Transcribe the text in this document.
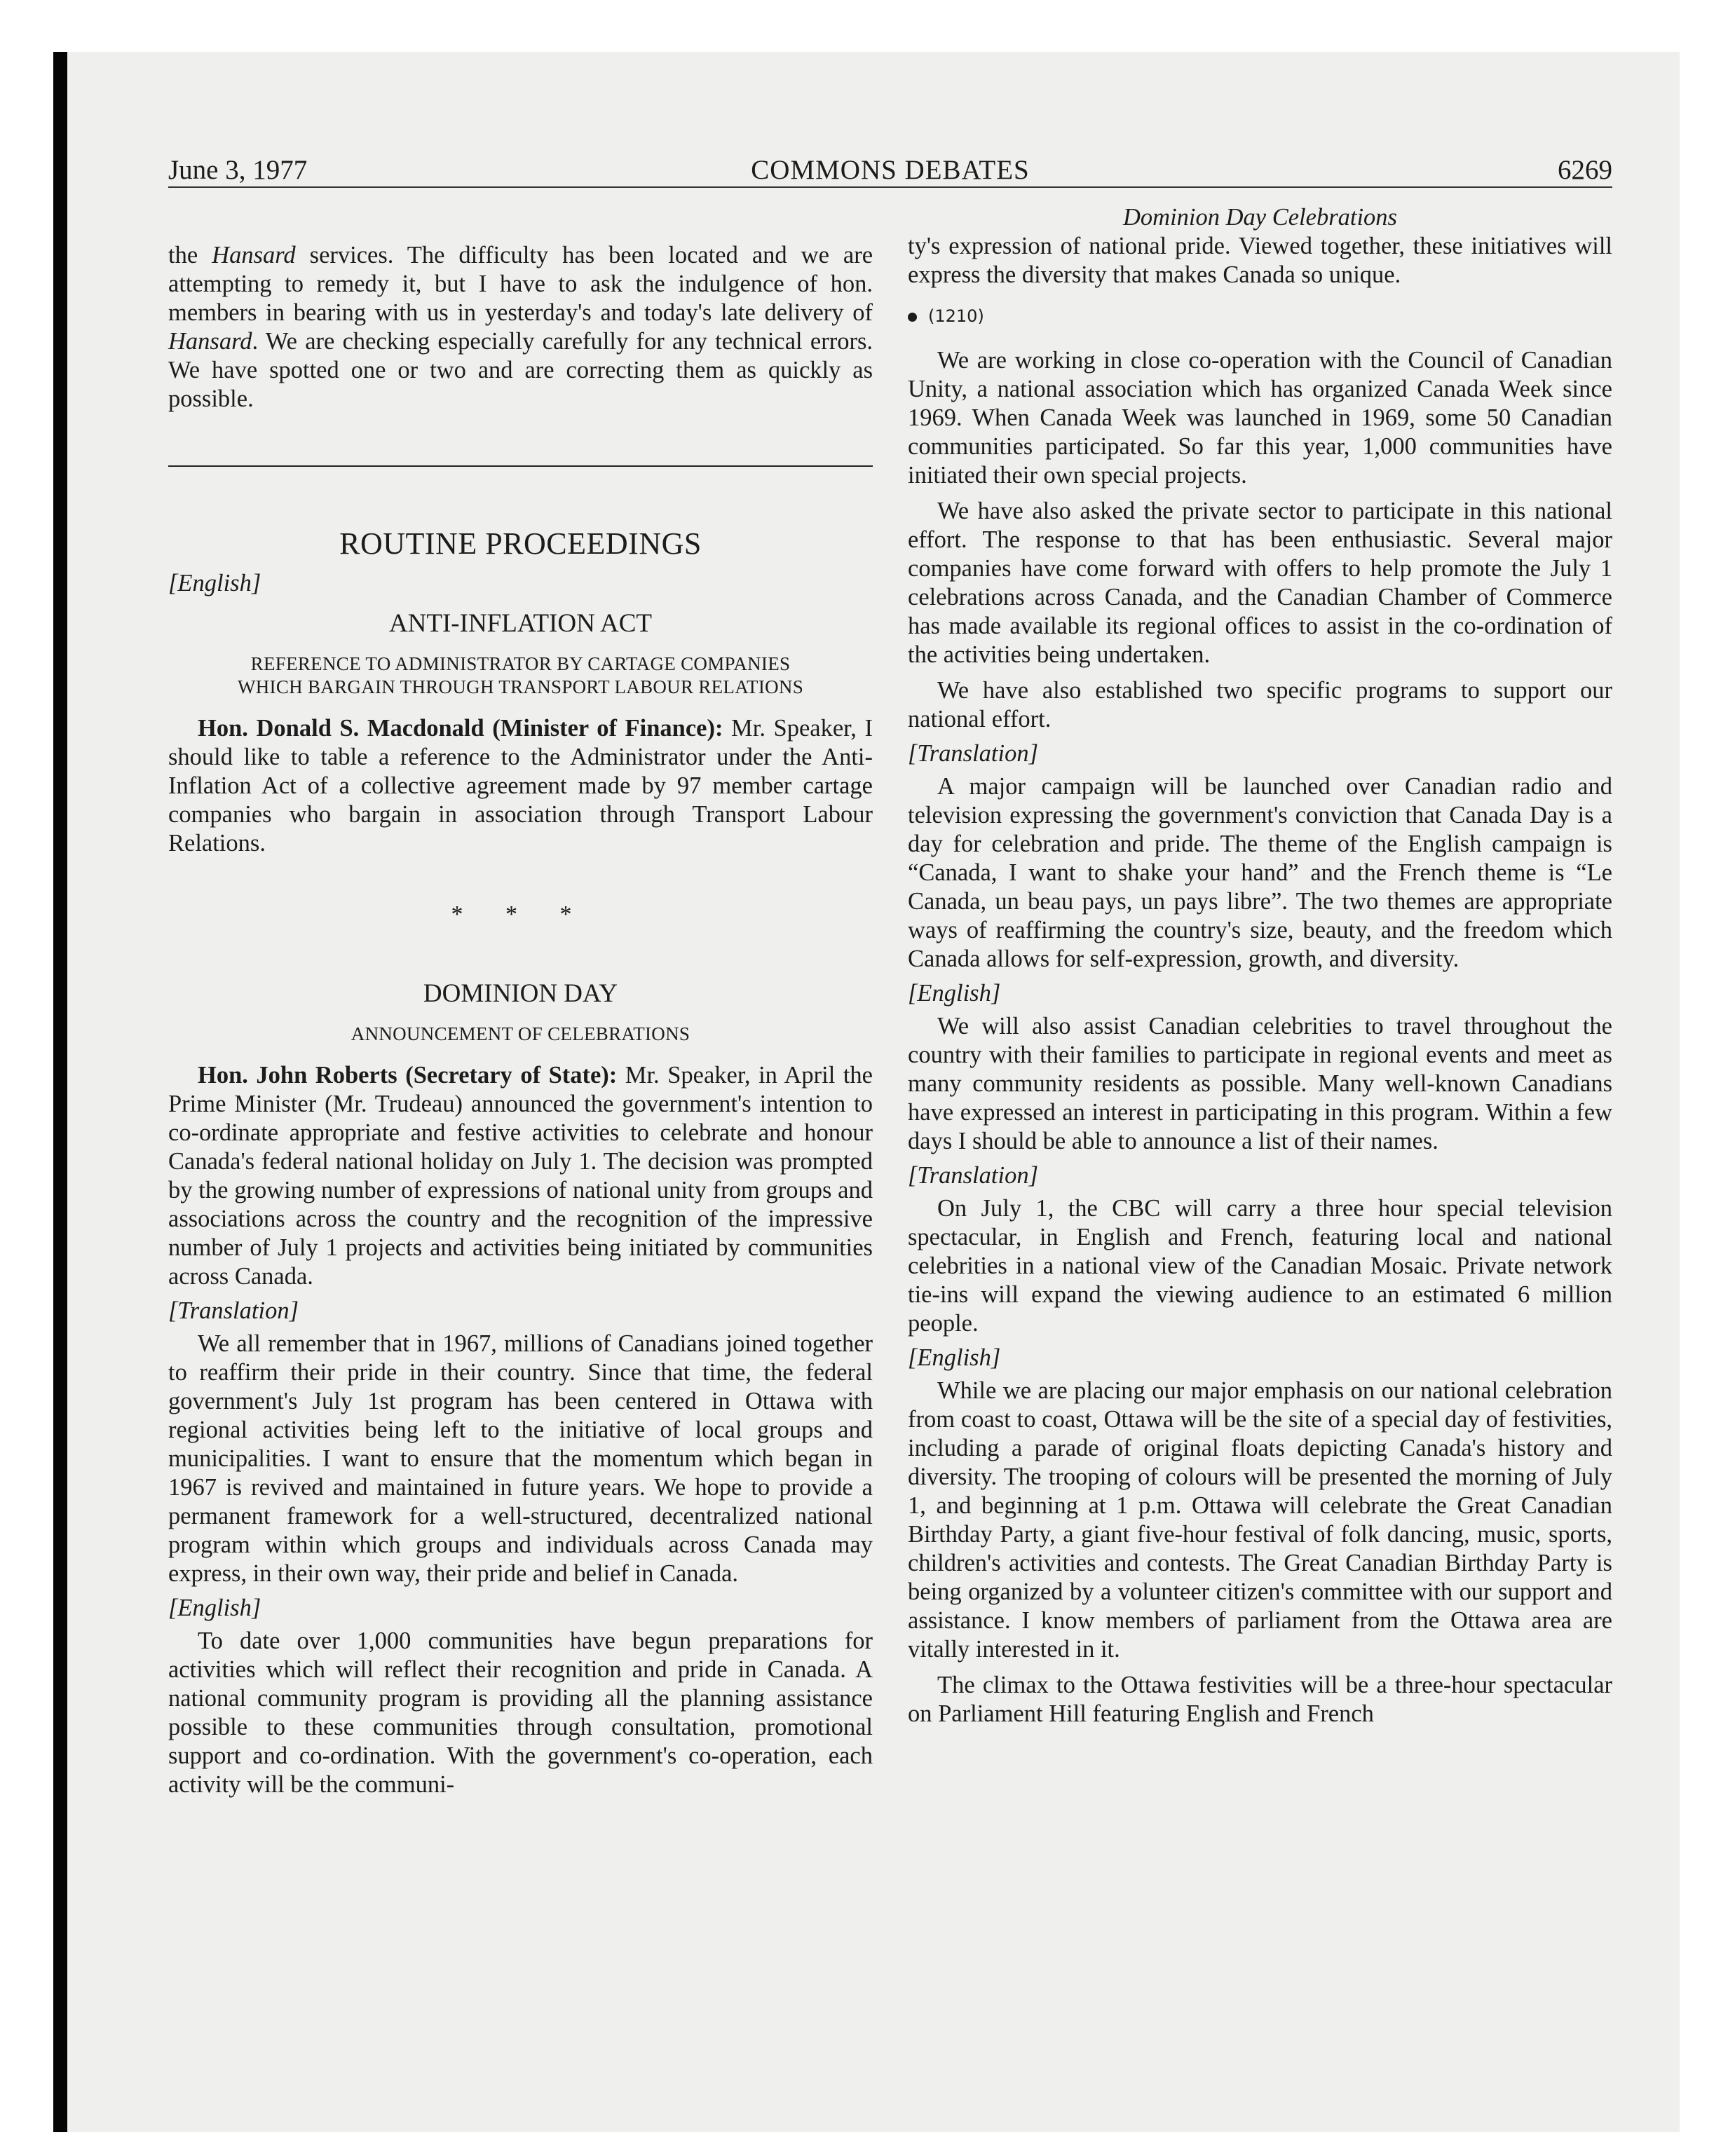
June 3, 1977	COMMONS DEBATES	6269

the Hansard services. The difficulty has been located and we are attempting to remedy it, but I have to ask the indulgence of hon. members in bearing with us in yesterday's and today's late delivery of Hansard. We are checking especially carefully for any technical errors. We have spotted one or two and are correcting them as quickly as possible.

ROUTINE PROCEEDINGS

[English]

ANTI-INFLATION ACT

REFERENCE TO ADMINISTRATOR BY CARTAGE COMPANIES

WHICH BARGAIN THROUGH TRANSPORT LABOUR RELATIONS

Hon. Donald S. Macdonald (Minister of Finance): Mr. Speaker, I should like to table a reference to the Administrator under the Anti-Inflation Act of a collective agreement made by 97 member cartage companies who bargain in association through Transport Labour Relations.

* * *

DOMINION DAY

ANNOUNCEMENT OF CELEBRATIONS

Hon. John Roberts (Secretary of State): Mr. Speaker, in April the Prime Minister (Mr. Trudeau) announced the government's intention to co-ordinate appropriate and festive activities to celebrate and honour Canada's federal national holiday on July 1. The decision was prompted by the growing number of expressions of national unity from groups and associations across the country and the recognition of the impressive number of July 1 projects and activities being initiated by communities across Canada.

[Translation]

We all remember that in 1967, millions of Canadians joined together to reaffirm their pride in their country. Since that time, the federal government's July 1st program has been centered in Ottawa with regional activities being left to the initiative of local groups and municipalities. I want to ensure that the momentum which began in 1967 is revived and maintained in future years. We hope to provide a permanent framework for a well-structured, decentralized national program within which groups and individuals across Canada may express, in their own way, their pride and belief in Canada.

[English]

To date over 1,000 communities have begun preparations for activities which will reflect their recognition and pride in Canada. A national community program is providing all the planning assistance possible to these communities through consultation, promotional support and co-ordination. With the government's co-operation, each activity will be the communi-

Dominion Day Celebrations

ty's expression of national pride. Viewed together, these initiatives will express the diversity that makes Canada so unique.

(1210)

We are working in close co-operation with the Council of Canadian Unity, a national association which has organized Canada Week since 1969. When Canada Week was launched in 1969, some 50 Canadian communities participated. So far this year, 1,000 communities have initiated their own special projects.

We have also asked the private sector to participate in this national effort. The response to that has been enthusiastic. Several major companies have come forward with offers to help promote the July 1 celebrations across Canada, and the Canadian Chamber of Commerce has made available its regional offices to assist in the co-ordination of the activities being undertaken.

We have also established two specific programs to support our national effort.

[Translation]

A major campaign will be launched over Canadian radio and television expressing the government's conviction that Canada Day is a day for celebration and pride. The theme of the English campaign is “Canada, I want to shake your hand” and the French theme is “Le Canada, un beau pays, un pays libre”. The two themes are appropriate ways of reaffirming the country's size, beauty, and the freedom which Canada allows for self-expression, growth, and diversity.

[English]

We will also assist Canadian celebrities to travel throughout the country with their families to participate in regional events and meet as many community residents as possible. Many well-known Canadians have expressed an interest in participating in this program. Within a few days I should be able to announce a list of their names.

[Translation]

On July 1, the CBC will carry a three hour special television spectacular, in English and French, featuring local and national celebrities in a national view of the Canadian Mosaic. Private network tie-ins will expand the viewing audience to an estimated 6 million people.

[English]

While we are placing our major emphasis on our national celebration from coast to coast, Ottawa will be the site of a special day of festivities, including a parade of original floats depicting Canada's history and diversity. The trooping of colours will be presented the morning of July 1, and beginning at 1 p.m. Ottawa will celebrate the Great Canadian Birthday Party, a giant five-hour festival of folk dancing, music, sports, children's activities and contests. The Great Canadian Birthday Party is being organized by a volunteer citizen's committee with our support and assistance. I know members of parliament from the Ottawa area are vitally interested in it.

The climax to the Ottawa festivities will be a three-hour spectacular on Parliament Hill featuring English and French
